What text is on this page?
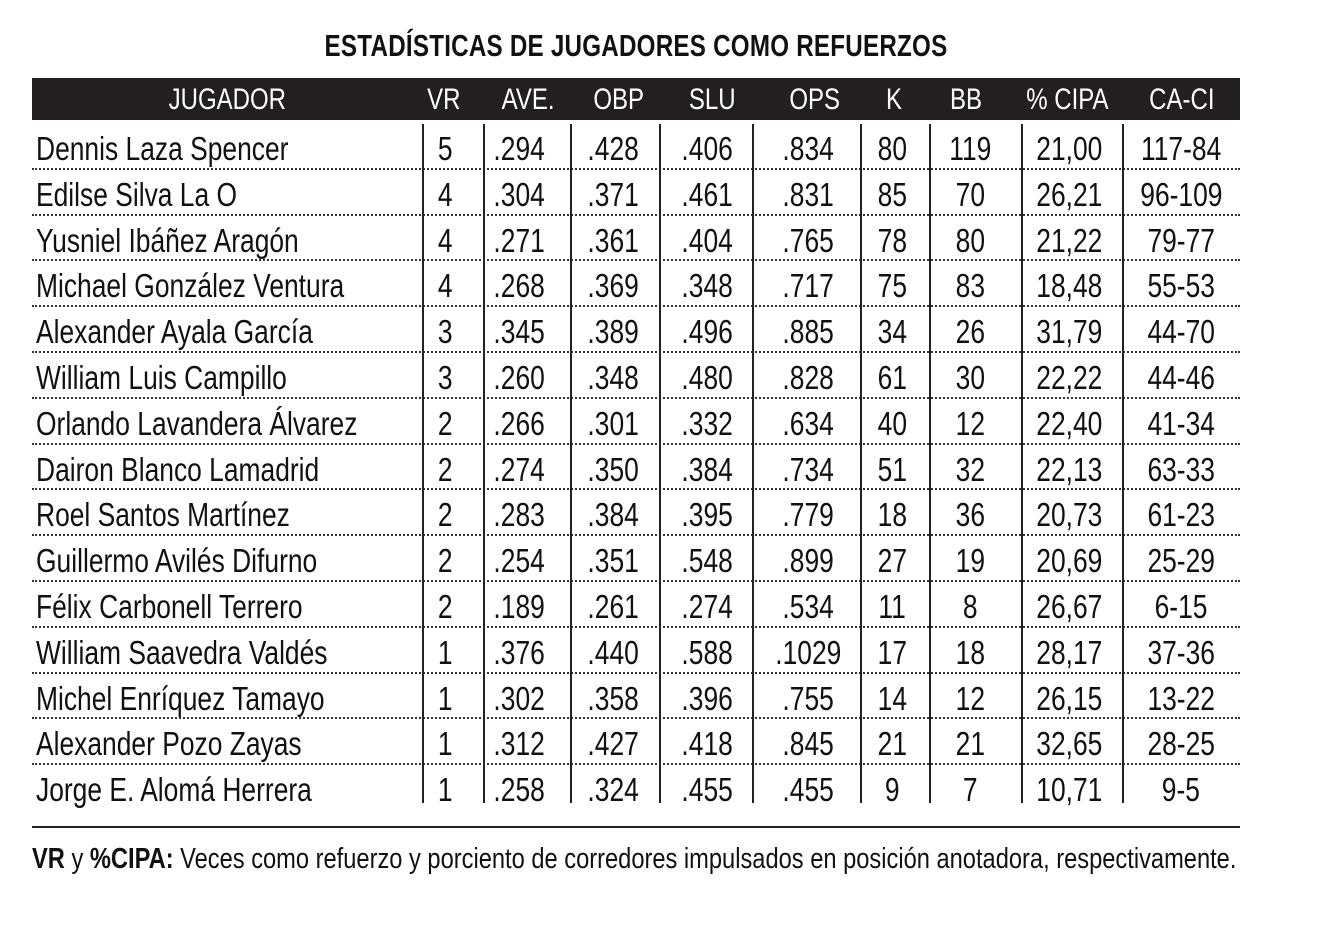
ESTADÍSTICAS DE JUGADORES COMO REFUERZOS
JUGADOR	VR	AVE.	OBP	SLU	OPS	K	BB	% CIPA	CA-CI
Dennis Laza Spencer	5	.294	.428	.406	.834	80	119	21,00	117-84
Edilse Silva La O	4	.304	.371	.461	.831	85	70	26,21	96-109
Yusniel Ibáñez Aragón	4	.271	.361	.404	.765	78	80	21,22	79-77
Michael González Ventura	4	.268	.369	.348	.717	75	83	18,48	55-53
Alexander Ayala García	3	.345	.389	.496	.885	34	26	31,79	44-70
William Luis Campillo	3	.260	.348	.480	.828	61	30	22,22	44-46
Orlando Lavandera Álvarez	2	.266	.301	.332	.634	40	12	22,40	41-34
Dairon Blanco Lamadrid	2	.274	.350	.384	.734	51	32	22,13	63-33
Roel Santos Martínez	2	.283	.384	.395	.779	18	36	20,73	61-23
Guillermo Avilés Difurno	2	.254	.351	.548	.899	27	19	20,69	25-29
Félix Carbonell Terrero	2	.189	.261	.274	.534	11	8	26,67	6-15
William Saavedra Valdés	1	.376	.440	.588	.1029	17	18	28,17	37-36
Michel Enríquez Tamayo	1	.302	.358	.396	.755	14	12	26,15	13-22
Alexander Pozo Zayas	1	.312	.427	.418	.845	21	21	32,65	28-25
Jorge E. Alomá Herrera	1	.258	.324	.455	.455	9	7	10,71	9-5
VR y %CIPA: Veces como refuerzo y porciento de corredores impulsados en posición anotadora, respectivamente.
